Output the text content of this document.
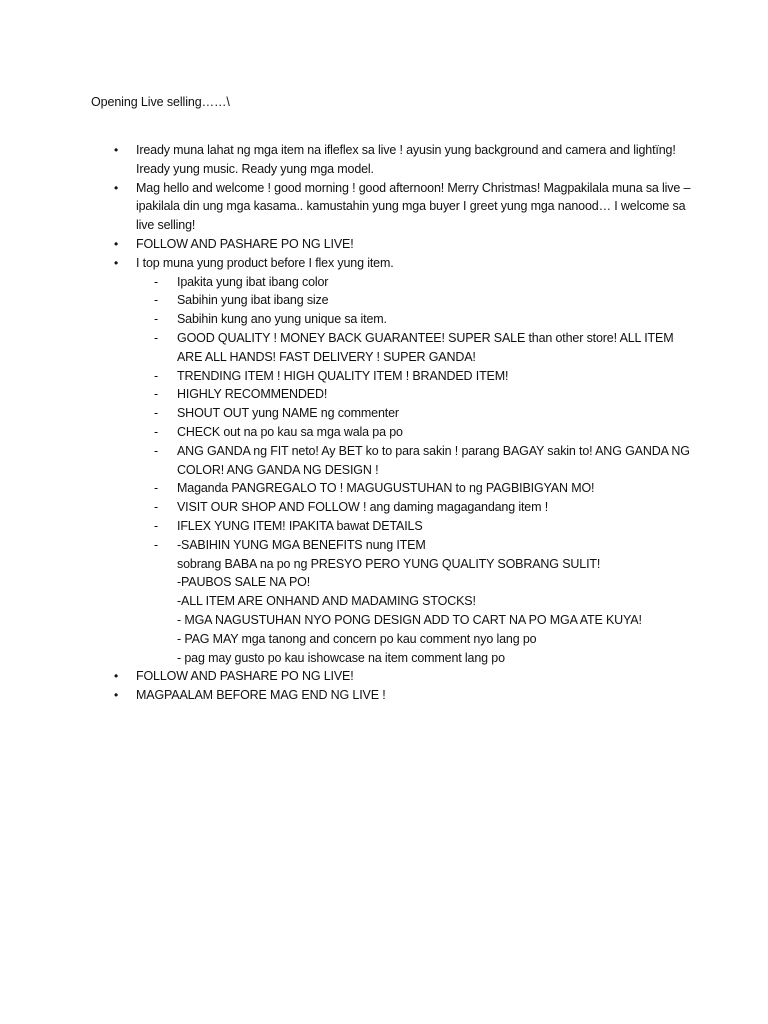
Opening Live selling……\
• Iready muna lahat ng mga item na ifleflex sa live ! ayusin yung background and camera and lightïng! Iready yung music. Ready yung mga model.
• Mag hello and welcome ! good morning ! good afternoon! Merry Christmas! Magpakilala muna sa live – ipakilala din ung mga kasama.. kamustahin yung mga buyer I greet yung mga nanood… I welcome sa live selling!
• FOLLOW AND PASHARE PO NG LIVE!
• I top muna yung product before I flex yung item.
- Ipakita yung ibat ibang color
- Sabihin yung ibat ibang size
- Sabihin kung ano yung unique sa item.
- GOOD QUALITY ! MONEY BACK GUARANTEE! SUPER SALE than other store! ALL ITEM ARE ALL HANDS! FAST DELIVERY ! SUPER GANDA!
- TRENDING ITEM ! HIGH QUALITY ITEM ! BRANDED ITEM!
- HIGHLY RECOMMENDED!
- SHOUT OUT yung NAME ng commenter
- CHECK out na po kau sa mga wala pa po
- ANG GANDA ng FIT neto! Ay BET ko to para sakin ! parang BAGAY sakin to! ANG GANDA NG COLOR! ANG GANDA NG DESIGN !
- Maganda PANGREGALO TO ! MAGUGUSTUHAN to ng PAGBIBIGYAN MO!
- VISIT OUR SHOP AND FOLLOW ! ang daming magagandang item !
- IFLEX YUNG ITEM! IPAKITA bawat DETAILS
- -SABIHIN YUNG MGA BENEFITS nung ITEM
sobrang BABA na po ng PRESYO PERO YUNG QUALITY SOBRANG SULIT!
-PAUBOS SALE NA PO!
-ALL ITEM ARE ONHAND AND MADAMING STOCKS!
- MGA NAGUSTUHAN NYO PONG DESIGN ADD TO CART NA PO MGA ATE KUYA!
- PAG MAY mga tanong and concern po kau comment nyo lang po
- pag may gusto po kau ishowcase na item comment lang po
• FOLLOW AND PASHARE PO NG LIVE!
• MAGPAALAM BEFORE MAG END NG LIVE !
